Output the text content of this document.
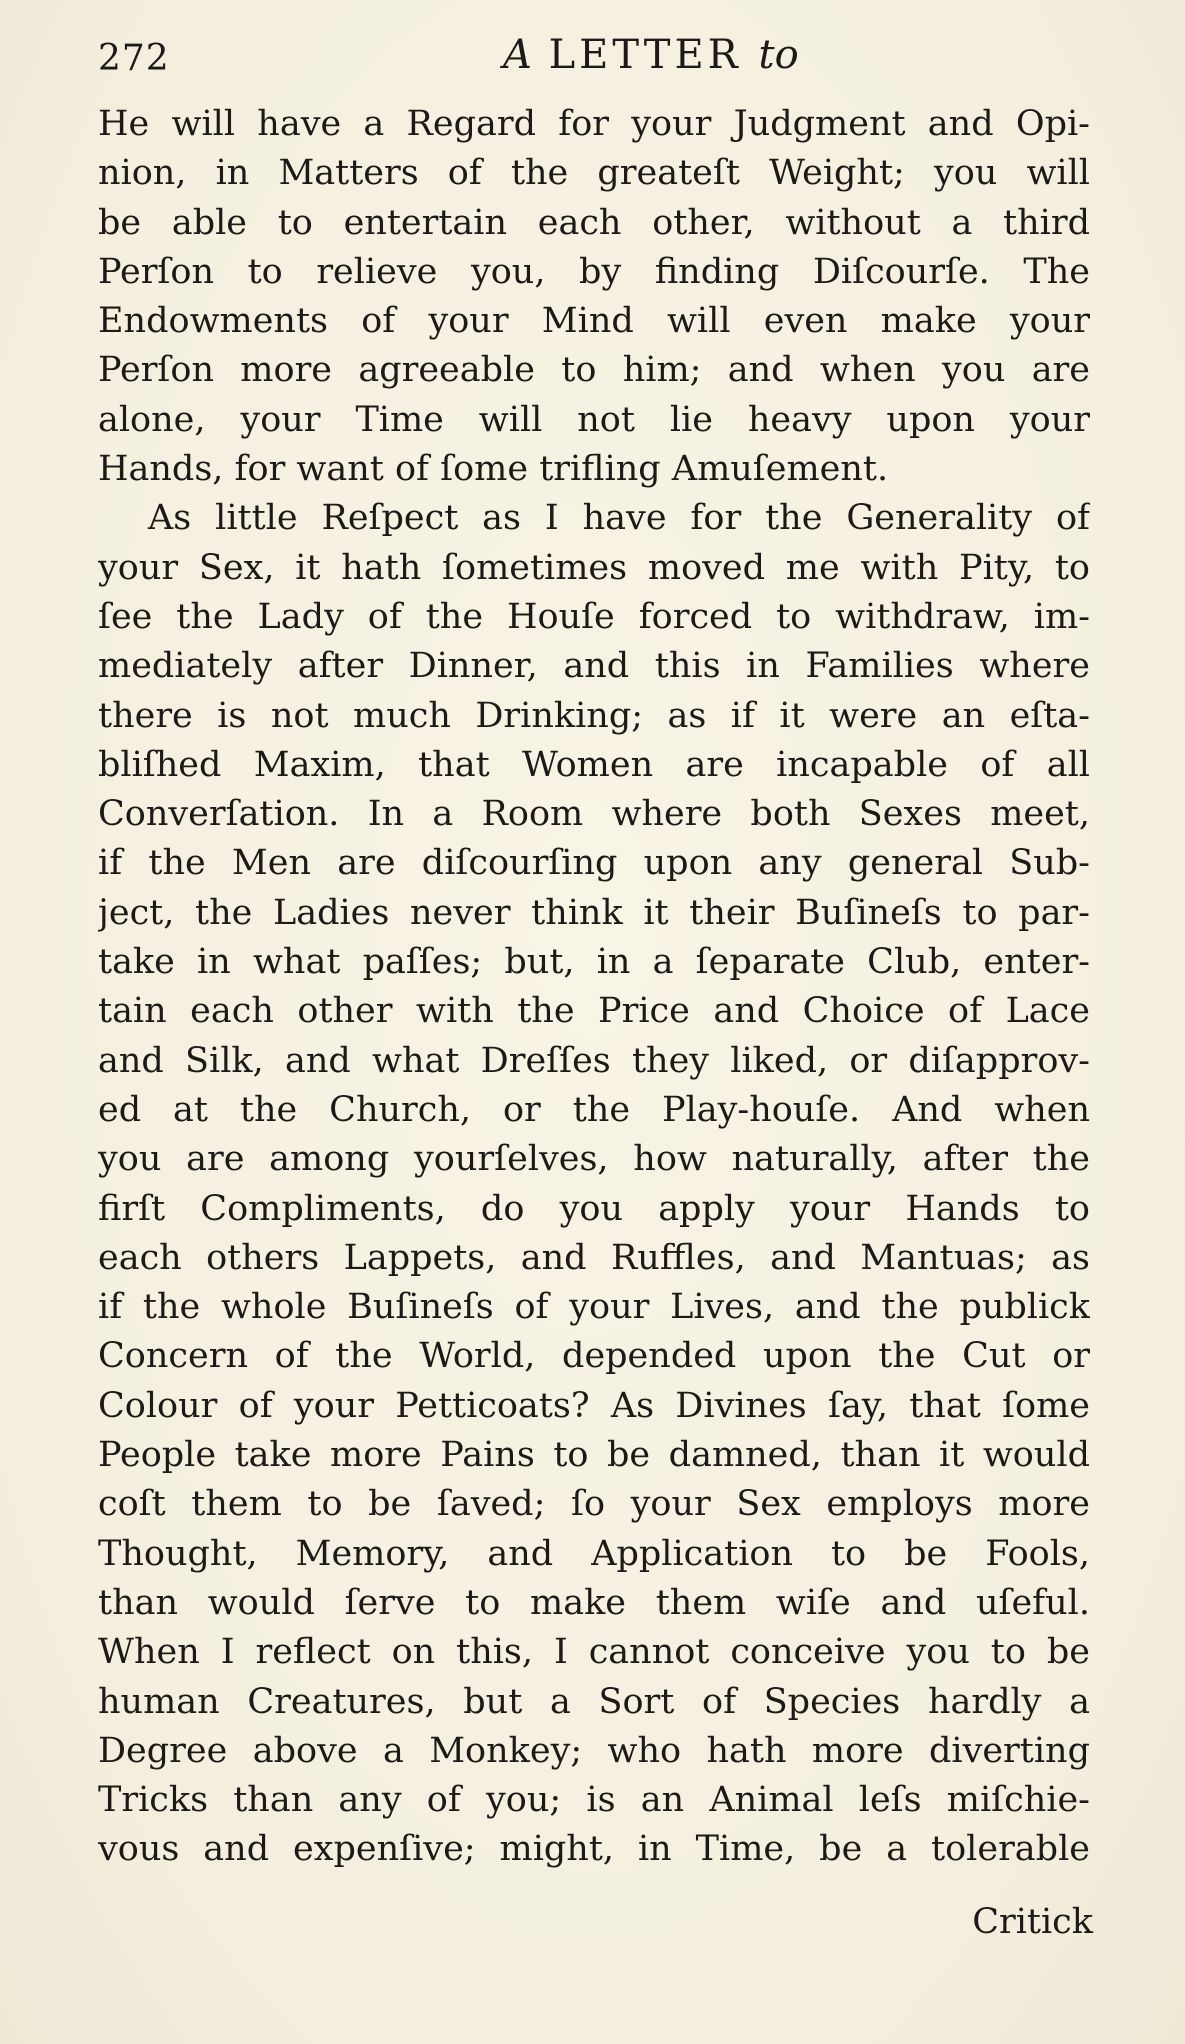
272	A LETTER to
He will have a Regard for your Judgment and Opi-
nion, in Matters of the greateſt Weight; you will
be able to entertain each other, without a third
Perſon to relieve you, by finding Diſcourſe. The
Endowments of your Mind will even make your
Perſon more agreeable to him; and when you are
alone, your Time will not lie heavy upon your
Hands, for want of ſome trifling Amuſement.
As little Reſpect as I have for the Generality of
your Sex, it hath ſometimes moved me with Pity, to
ſee the Lady of the Houſe forced to withdraw, im-
mediately after Dinner, and this in Families where
there is not much Drinking; as if it were an eſta-
bliſhed Maxim, that Women are incapable of all
Converſation. In a Room where both Sexes meet,
if the Men are diſcourſing upon any general Sub-
ject, the Ladies never think it their Buſineſs to par-
take in what paſſes; but, in a ſeparate Club, enter-
tain each other with the Price and Choice of Lace
and Silk, and what Dreſſes they liked, or diſapprov-
ed at the Church, or the Play-houſe. And when
you are among yourſelves, how naturally, after the
firſt Compliments, do you apply your Hands to
each others Lappets, and Ruffles, and Mantuas; as
if the whole Buſineſs of your Lives, and the publick
Concern of the World, depended upon the Cut or
Colour of your Petticoats? As Divines ſay, that ſome
People take more Pains to be damned, than it would
coſt them to be ſaved; ſo your Sex employs more
Thought, Memory, and Application to be Fools,
than would ſerve to make them wiſe and uſeful.
When I reflect on this, I cannot conceive you to be
human Creatures, but a Sort of Species hardly a
Degree above a Monkey; who hath more diverting
Tricks than any of you; is an Animal leſs miſchie-
vous and expenſive; might, in Time, be a tolerable
Critick
